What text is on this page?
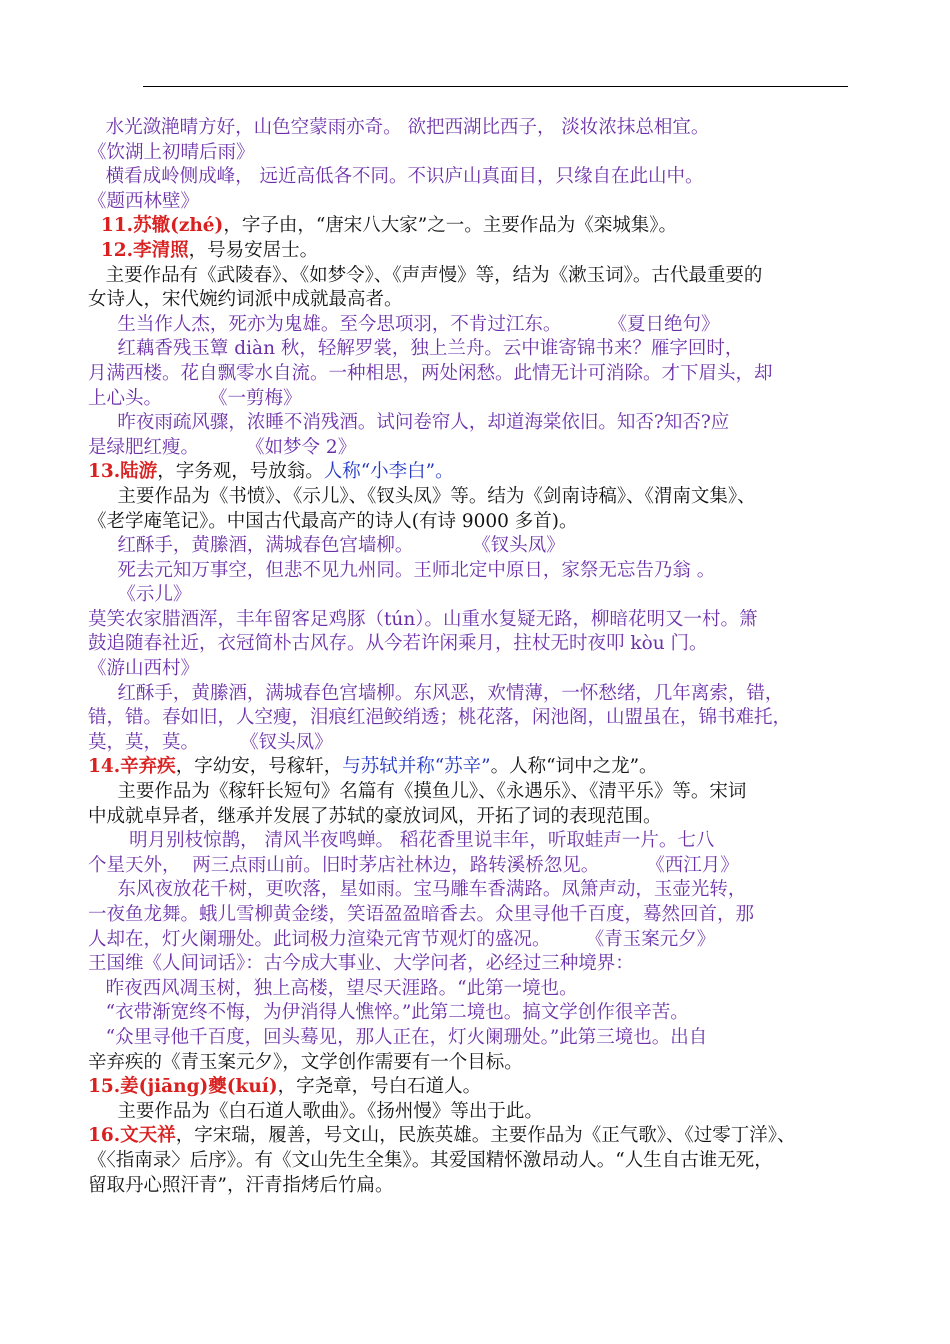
水光潋滟晴方好，山色空蒙雨亦奇。 欲把西湖比西子， 淡妆浓抹总相宜。
《饮湖上初晴后雨》
横看成岭侧成峰， 远近高低各不同。不识庐山真面目，只缘自在此山中。
《题西林壁》
11.苏辙(zhé)，字子由，“唐宋八大家”之一。主要作品为《栾城集》。
12.李清照，号易安居士。
主要作品有《武陵春》、《如梦令》、《声声慢》等，结为《漱玉词》。古代最重要的
女诗人，宋代婉约词派中成就最高者。
生当作人杰，死亦为鬼雄。至今思项羽，不肯过江东。        《夏日绝句》
红藕香残玉簟 diàn 秋，轻解罗裳，独上兰舟。云中谁寄锦书来？雁字回时，
月满西楼。花自飘零水自流。一种相思，两处闲愁。此情无计可消除。才下眉头，却
上心头。        《一剪梅》
昨夜雨疏风骤，浓睡不消残酒。试问卷帘人，却道海棠依旧。知否?知否?应
是绿肥红瘦。        《如梦令 2》
13.陆游，字务观，号放翁。人称“小李白”。
主要作品为《书愤》、《示儿》、《钗头凤》等。结为《剑南诗稿》、《渭南文集》、
《老学庵笔记》。中国古代最高产的诗人(有诗 9000 多首)。
红酥手，黄縢酒，满城春色宫墙柳。          《钗头凤》
死去元知万事空，但悲不见九州同。王师北定中原日，家祭无忘告乃翁 。
《示儿》
莫笑农家腊酒浑，丰年留客足鸡豚（tún）。山重水复疑无路，柳暗花明又一村。箫
鼓追随春社近，衣冠简朴古风存。从今若许闲乘月，拄杖无时夜叩 kòu 门。
《游山西村》
红酥手，黄縢酒，满城春色宫墙柳。东风恶，欢情薄，一怀愁绪，几年离索，错，
错，错。春如旧，人空瘦，泪痕红浥鲛绡透；桃花落，闲池阁，山盟虽在，锦书难托，
莫，莫，莫。       《钗头凤》
14.辛弃疾，字幼安，号稼轩，与苏轼并称“苏辛”。人称“词中之龙”。
主要作品为《稼轩长短句》名篇有《摸鱼儿》、《永遇乐》、《清平乐》等。宋词
中成就卓异者，继承并发展了苏轼的豪放词风，开拓了词的表现范围。
明月别枝惊鹊， 清风半夜鸣蝉。 稻花香里说丰年，听取蛙声一片。七八
个星天外，  两三点雨山前。旧时茅店社林边，路转溪桥忽见。        《西江月》
东风夜放花千树，更吹落，星如雨。宝马雕车香满路。凤箫声动，玉壶光转，
一夜鱼龙舞。蛾儿雪柳黄金缕，笑语盈盈暗香去。众里寻他千百度，蓦然回首，那
人却在，灯火阑珊处。此词极力渲染元宵节观灯的盛况。      《青玉案元夕》
王国维《人间词话》：古今成大事业、大学问者，必经过三种境界：
昨夜西风凋玉树，独上高楼，望尽天涯路。“此第一境也。
“衣带渐宽终不悔，为伊消得人憔悴。”此第二境也。搞文学创作很辛苦。
“众里寻他千百度，回头蓦见，那人正在，灯火阑珊处。”此第三境也。出自
辛弃疾的《青玉案元夕》，文学创作需要有一个目标。
15.姜(jiāng)夔(kuí)，字尧章，号白石道人。
主要作品为《白石道人歌曲》。《扬州慢》等出于此。
16.文天祥，字宋瑞，履善，号文山，民族英雄。主要作品为《正气歌》、《过零丁洋》、
《〈指南录〉后序》。有《文山先生全集》。其爱国精怀激昂动人。“人生自古谁无死，
留取丹心照汗青”，汗青指烤后竹扁。
